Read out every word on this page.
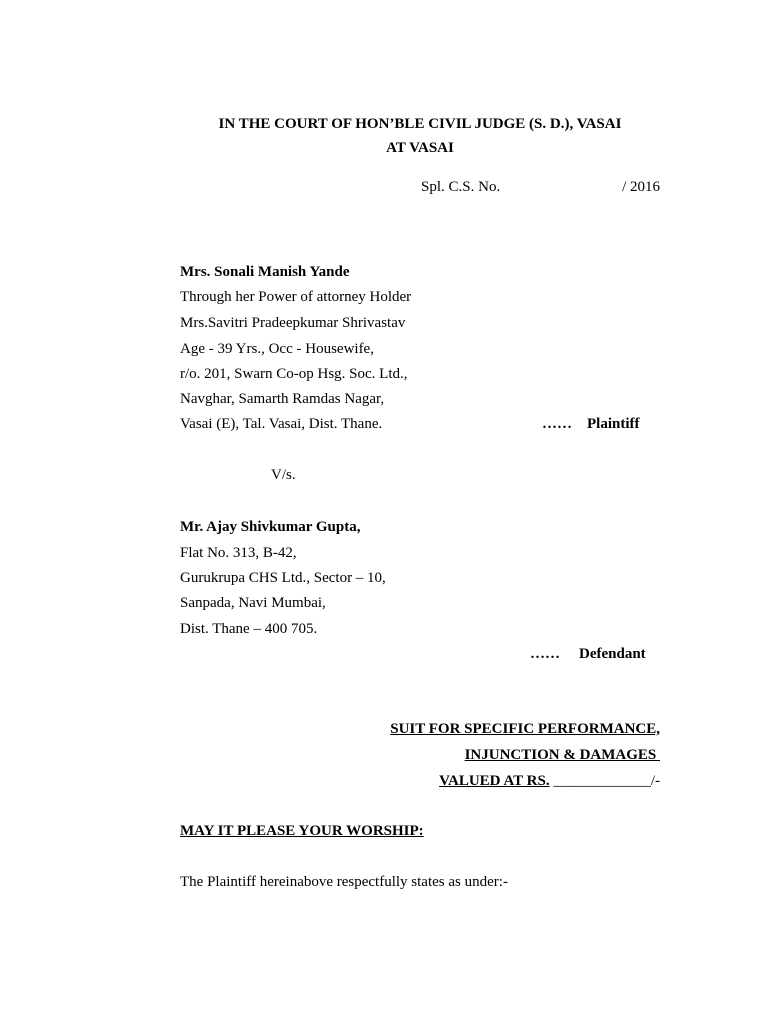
IN THE COURT OF HON’BLE CIVIL JUDGE (S. D.), VASAI
AT VASAI
Spl. C.S. No.	/ 2016
Mrs. Sonali Manish Yande
Through her Power of attorney Holder
Mrs.Savitri Pradeepkumar Shrivastav
Age - 39 Yrs., Occ - Housewife,
r/o. 201, Swarn Co-op Hsg. Soc. Ltd.,
Navghar, Samarth Ramdas Nagar,
Vasai (E), Tal. Vasai, Dist. Thane.	…… Plaintiff
V/s.
Mr. Ajay Shivkumar Gupta,
Flat No. 313, B-42,
Gurukrupa CHS Ltd., Sector – 10,
Sanpada, Navi Mumbai,
Dist. Thane – 400 705.
…… Defendant
SUIT FOR SPECIFIC PERFORMANCE,
INJUNCTION & DAMAGES
VALUED AT RS. _____________/-
MAY IT PLEASE YOUR WORSHIP:
The Plaintiff hereinabove respectfully states as under:-
